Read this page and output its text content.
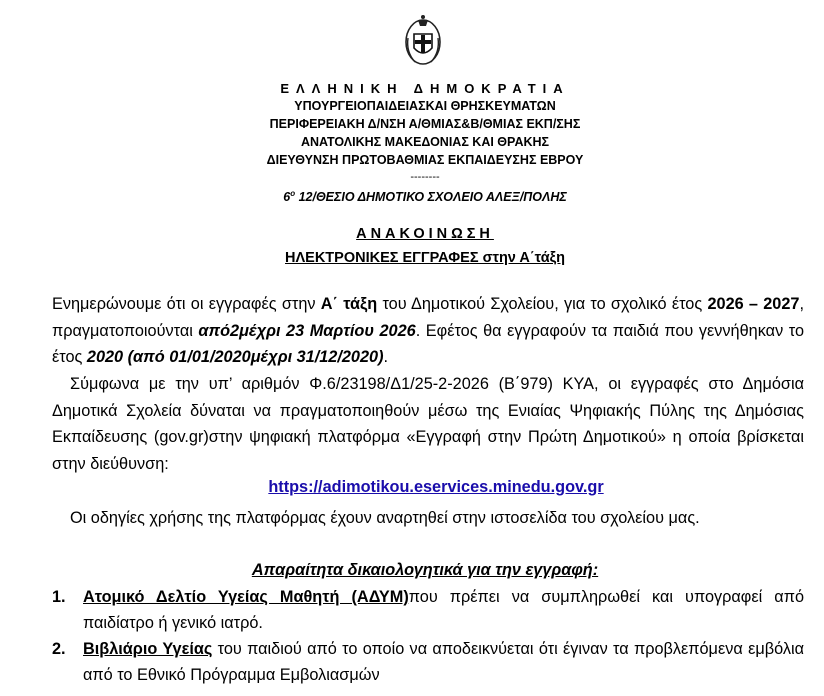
ΕΛΛΗΝΙΚΗ ΔΗΜΟΚΡΑΤΙΑ
ΥΠΟΥΡΓΕΙΟΠΑΙΔΕΙΑΣΚΑΙ ΘΡΗΣΚΕΥΜΑΤΩΝ
ΠΕΡΙΦΕΡΕΙΑΚΗ Δ/ΝΣΗ Α/ΘΜΙΑΣ&Β/ΘΜΙΑΣ ΕΚΠ/ΣΗΣ
ΑΝΑΤΟΛΙΚΗΣ ΜΑΚΕΔΟΝΙΑΣ ΚΑΙ ΘΡΑΚΗΣ
ΔΙΕΥΘΥΝΣΗ ΠΡΩΤΟΒΑΘΜΙΑΣ ΕΚΠΑΙΔΕΥΣΗΣ ΕΒΡΟΥ
--------
$6^o$ 12/ΘΕΣΙΟ ΔΗΜΟΤΙΚΟ ΣΧΟΛΕΙΟ ΑΛΕΞ/ΠΟΛΗΣ
ΑΝΑΚΟΙΝΩΣΗ
ΗΛΕΚΤΡΟΝΙΚΕΣ ΕΓΓΡΑΦΕΣ στην Α΄τάξη
Ενημερώνουμε ότι οι εγγραφές στην Α΄ τάξη του Δημοτικού Σχολείου, για το σχολικό έτος 2026 – 2027, πραγματοποιούνται από2μέχρι 23 Μαρτίου 2026. Εφέτος θα εγγραφούν τα παιδιά που γεννήθηκαν το έτος 2020 (από 01/01/2020μέχρι 31/12/2020).
Σύμφωνα με την υπ’ αριθμόν Φ.6/23198/Δ1/25-2-2026 (Β΄979) ΚΥΑ, οι εγγραφές στο Δημόσια Δημοτικά Σχολεία δύναται να πραγματοποιηθούν μέσω της Ενιαίας Ψηφιακής Πύλης της Δημόσιας Εκπαίδευσης (gov.gr)στην ψηφιακή πλατφόρμα «Εγγραφή στην Πρώτη Δημοτικού» η οποία βρίσκεται στην διεύθυνση:
https://adimotikou.eservices.minedu.gov.gr
Οι οδηγίες χρήσης της πλατφόρμας έχουν αναρτηθεί στην ιστοσελίδα του σχολείου μας.
Απαραίτητα δικαιολογητικά για την εγγραφή:
1. Ατομικό Δελτίο Υγείας Μαθητή (ΑΔΥΜ)που πρέπει να συμπληρωθεί και υπογραφεί από παιδίατρο ή γενικό ιατρό.
2. Βιβλιάριο Υγείας του παιδιού από το οποίο να αποδεικνύεται ότι έγιναν τα προβλεπόμενα εμβόλια από το Εθνικό Πρόγραμμα Εμβολιασμών
